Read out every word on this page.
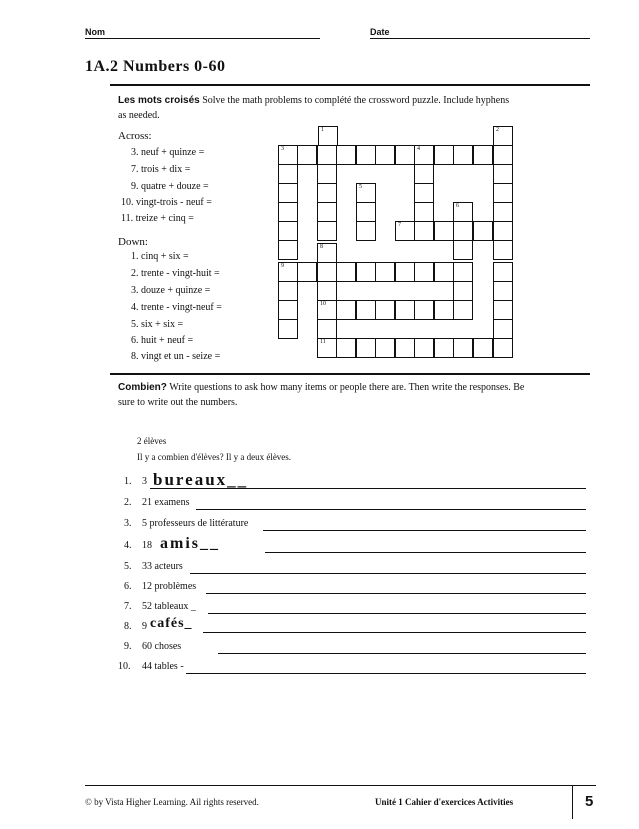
Nom	Date
1A.2 Numbers 0-60
Les mots croisés Solve the math problems to complété the crossword puzzle. Include hyphens
as needed.
Across:
3. neuf + quinze =
7. trois + dix =
9. quatre + douze =
10. vingt-trois - neuf =
11. treize + cinq =
Down:
1. cinq + six =
2. trente - vingt-huit =
3. douze + quinze =
4. trente - vingt-neuf =
5. six + six =
6. huit + neuf =
8. vingt et un - seize =
1	2
3	4
7
5
6
8
9
10
11
Combien? Write questions to ask how many items or people there are. Then write the responses. Be
sure to write out the numbers.
2 élèves
Il y a combien d'élèves? Il y a deux élèves.
1. 3 bureaux__
2. 21 examens
3. 5 professeurs de littérature
4. 18 amis__
5. 33 acteurs
6. 12 problèmes
7. 52 tableaux _
8. 9 cafés_
9. 60 choses
10. 44 tables -
© by Vista Higher Learning. Ail rights reserved.	Unité 1 Cahier d'exercices Activities	5
